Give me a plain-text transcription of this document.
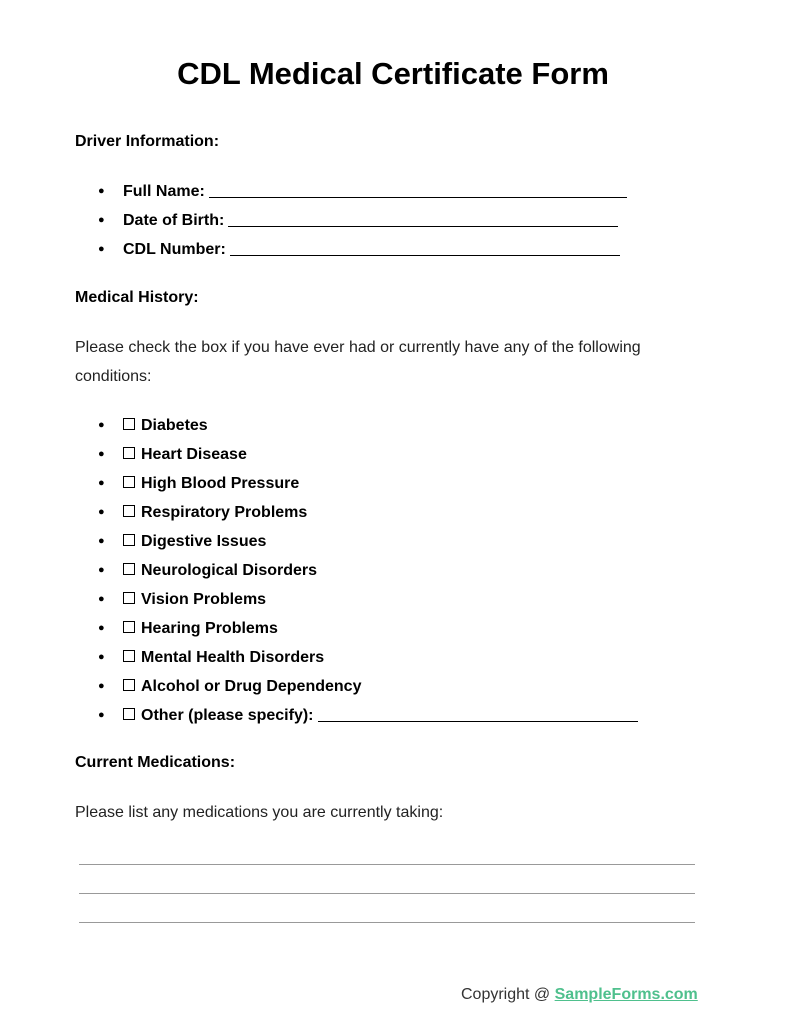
CDL Medical Certificate Form
Driver Information:
● Full Name:
● Date of Birth:
● CDL Number:
Medical History:
Please check the box if you have ever had or currently have any of the following conditions:
● Diabetes
● Heart Disease
● High Blood Pressure
● Respiratory Problems
● Digestive Issues
● Neurological Disorders
● Vision Problems
● Hearing Problems
● Mental Health Disorders
● Alcohol or Drug Dependency
● Other (please specify):
Current Medications:
Please list any medications you are currently taking:
Copyright @ SampleForms.com
